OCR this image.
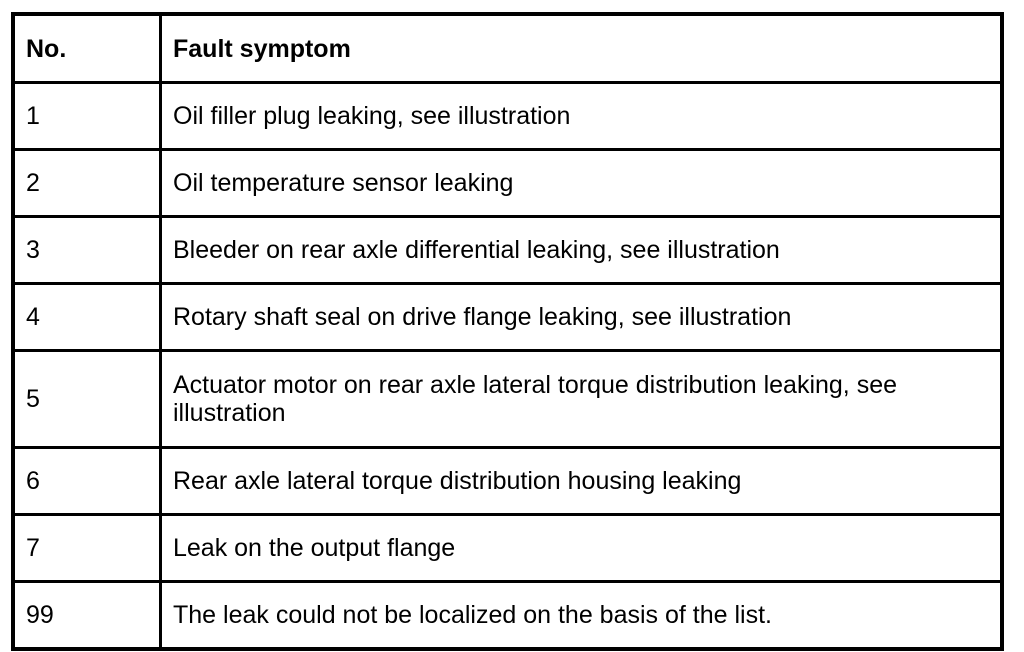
No.	Fault symptom
1	Oil filler plug leaking, see illustration
2	Oil temperature sensor leaking
3	Bleeder on rear axle differential leaking, see illustration
4	Rotary shaft seal on drive flange leaking, see illustration
5	Actuator motor on rear axle lateral torque distribution leaking, see illustration
6	Rear axle lateral torque distribution housing leaking
7	Leak on the output flange
99	The leak could not be localized on the basis of the list.
